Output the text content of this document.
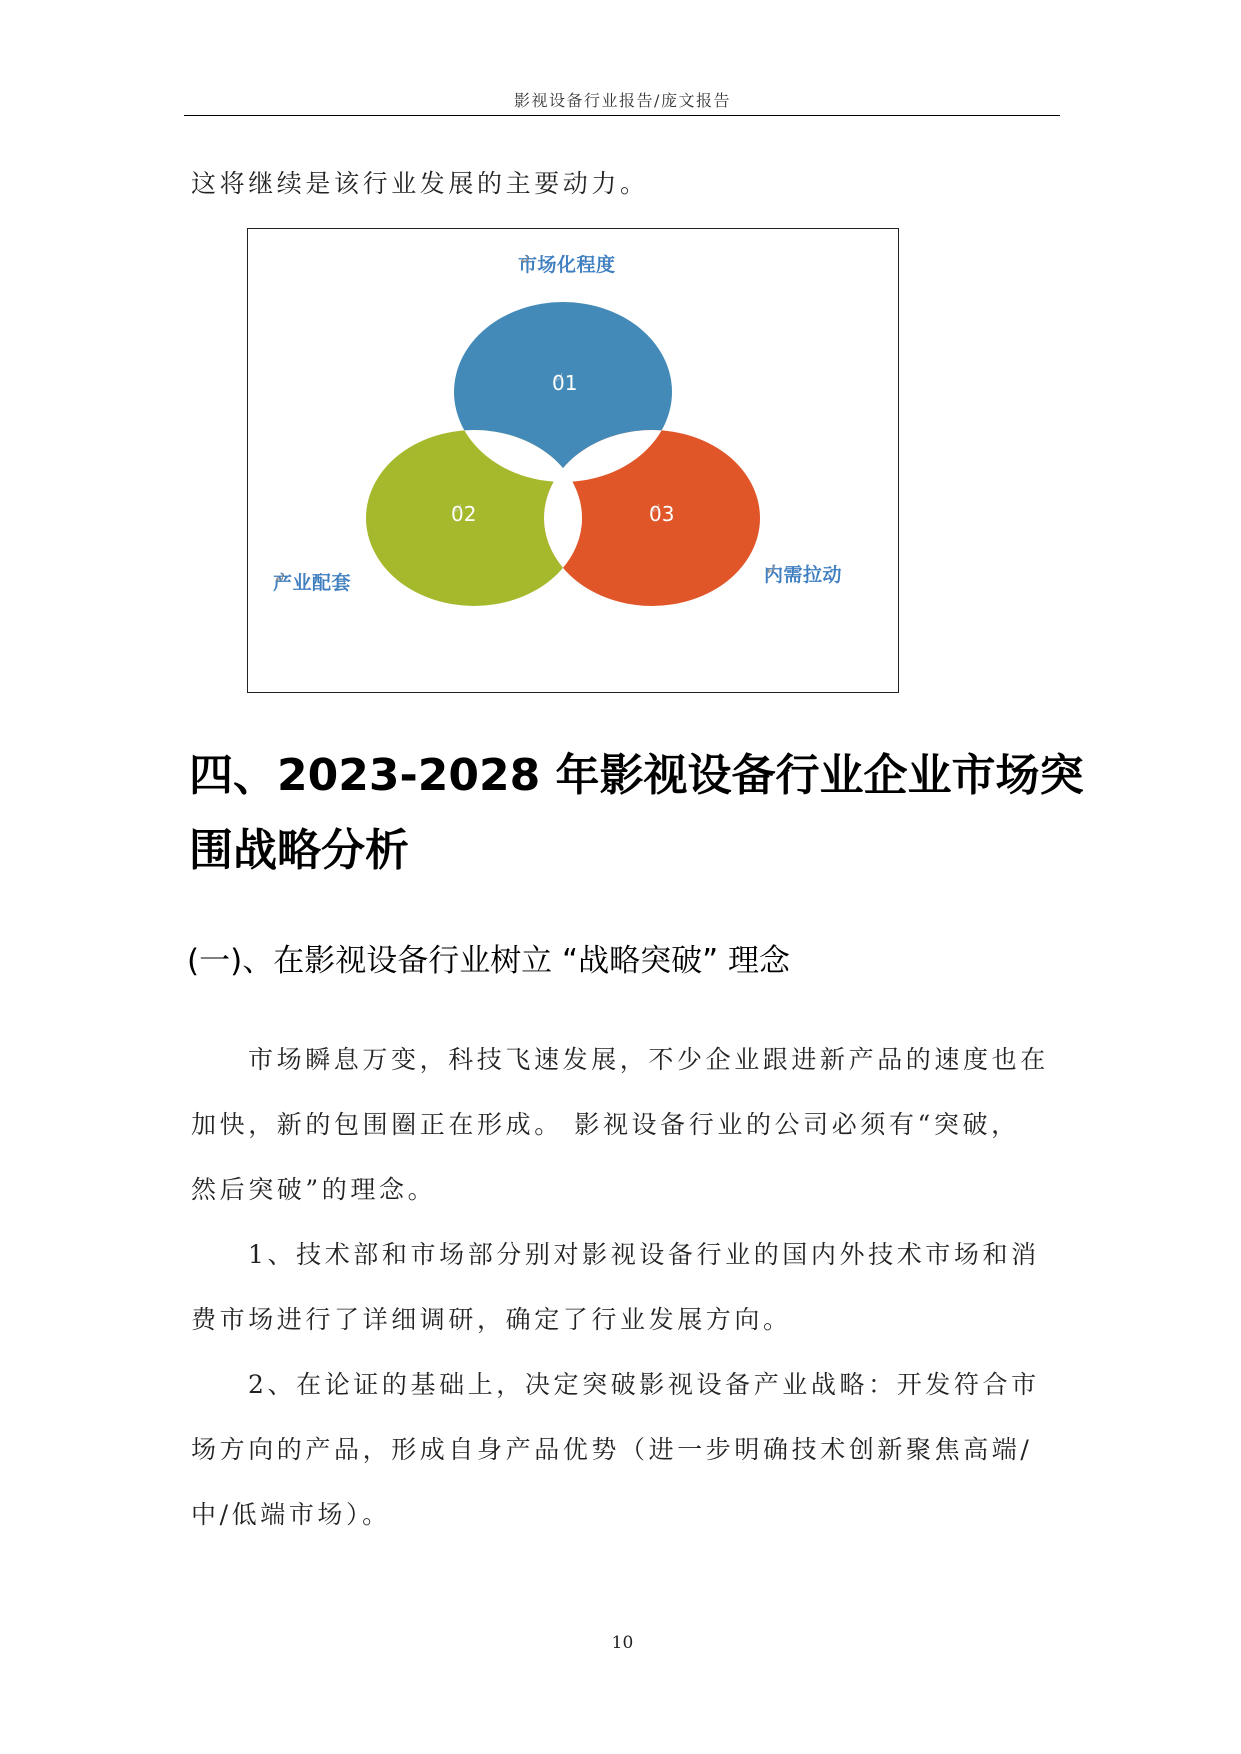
影视设备行业报告/庞文报告
这将继续是该行业发展的主要动力。
市场化程度
产业配套	内需拉动
01
02	03
四、2023-2028 年影视设备行业企业市场突
围战略分析
(一)、在影视设备行业树立 “战略突破” 理念
市场瞬息万变，科技飞速发展，不少企业跟进新产品的速度也在
加快，新的包围圈正在形成。 影视设备行业的公司必须有“突破，
然后突破”的理念。
1、技术部和市场部分别对影视设备行业的国内外技术市场和消
费市场进行了详细调研，确定了行业发展方向。
2、在论证的基础上，决定突破影视设备产业战略：开发符合市
场方向的产品，形成自身产品优势（进一步明确技术创新聚焦高端/
中/低端市场）。
10
